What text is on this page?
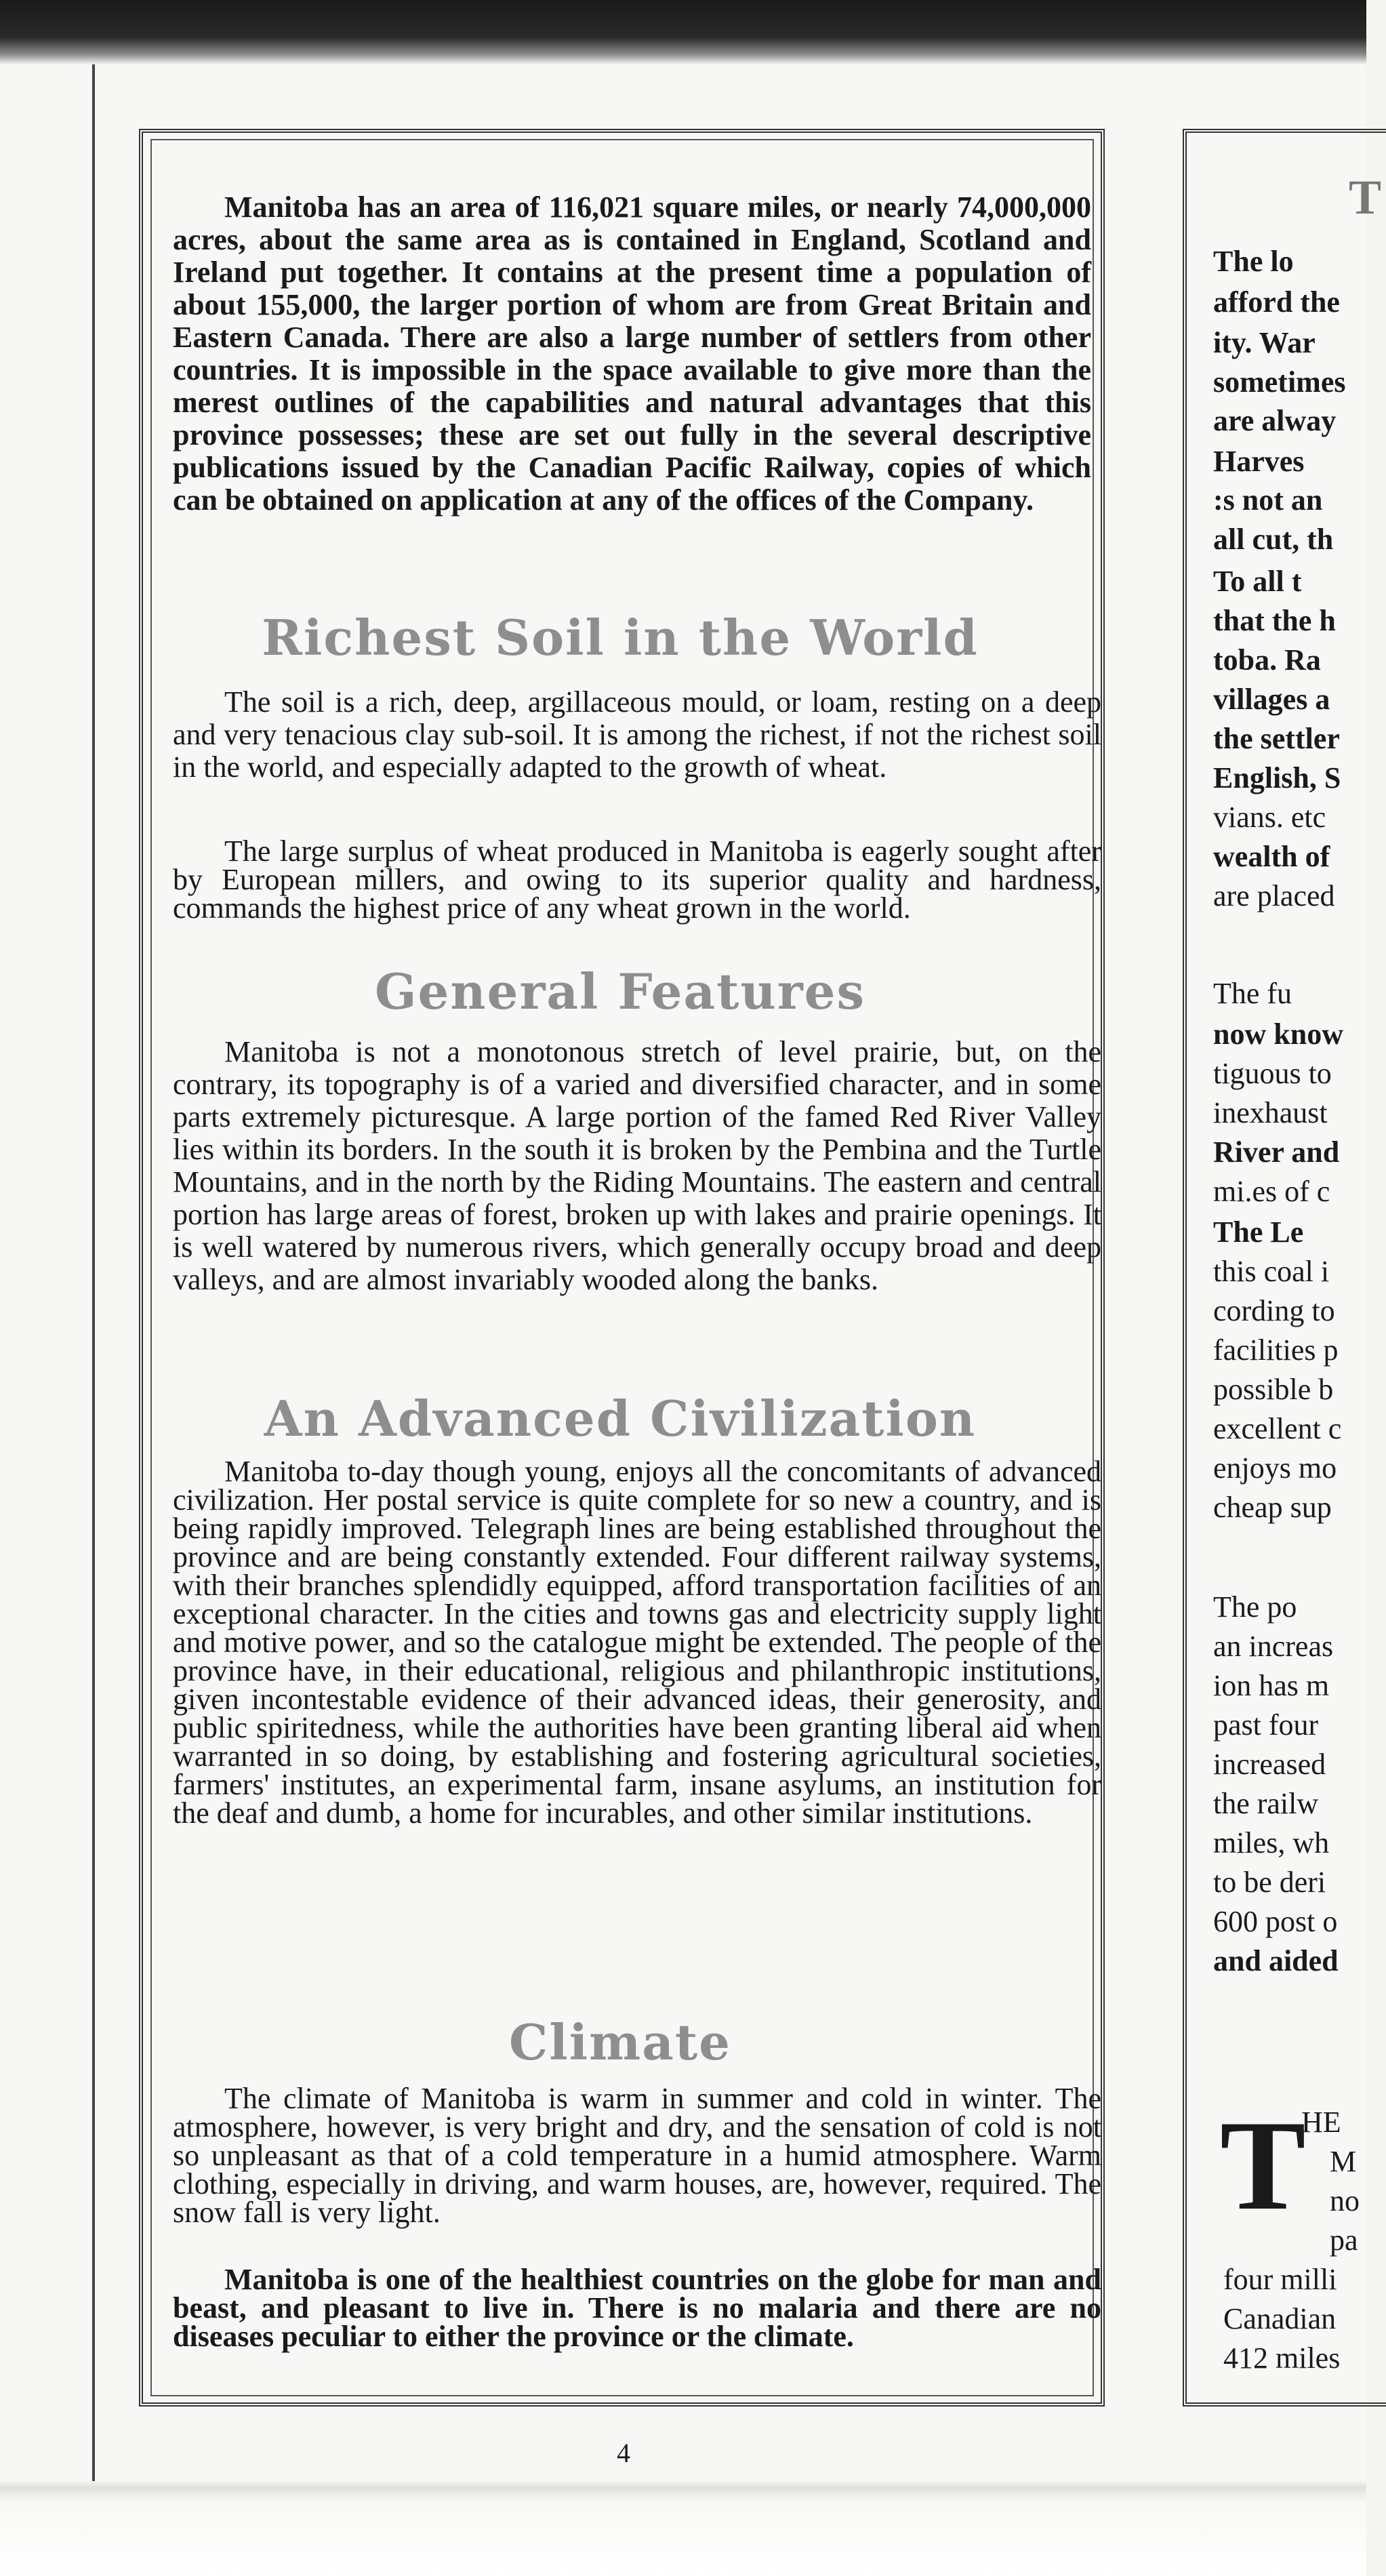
Manitoba has an area of 116,021 square miles, or nearly 74,000,000 acres, about the same area as is contained in England, Scotland and Ireland put together. It contains at the present time a population of about 155,000, the larger portion of whom are from Great Britain and Eastern Canada. There are also a large number of settlers from other countries. It is impossible in the space available to give more than the merest outlines of the capabilities and natural advantages that this province possesses; these are set out fully in the several descriptive publications issued by the Canadian Pacific Railway, copies of which can be obtained on application at any of the offices of the Company.

Richest Soil in the World

The soil is a rich, deep, argillaceous mould, or loam, resting on a deep and very tenacious clay sub-soil. It is among the richest, if not the richest soil in the world, and especially adapted to the growth of wheat.

The large surplus of wheat produced in Manitoba is eagerly sought after by European millers, and owing to its superior quality and hardness, commands the highest price of any wheat grown in the world.

General Features

Manitoba is not a monotonous stretch of level prairie, but, on the contrary, its topography is of a varied and diversified character, and in some parts extremely picturesque. A large portion of the famed Red River Valley lies within its borders. In the south it is broken by the Pembina and the Turtle Mountains, and in the north by the Riding Mountains. The eastern and central portion has large areas of forest, broken up with lakes and prairie openings. It is well watered by numerous rivers, which generally occupy broad and deep valleys, and are almost invariably wooded along the banks.

An Advanced Civilization

Manitoba to-day though young, enjoys all the concomitants of advanced civilization. Her postal service is quite complete for so new a country, and is being rapidly improved. Telegraph lines are being established throughout the province and are being constantly extended. Four different railway systems, with their branches splendidly equipped, afford transportation facilities of an exceptional character. In the cities and towns gas and electricity supply light and motive power, and so the catalogue might be extended. The people of the province have, in their educational, religious and philanthropic institutions, given incontestable evidence of their advanced ideas, their generosity, and public spiritedness, while the authorities have been granting liberal aid when warranted in so doing, by establishing and fostering agricultural societies, farmers' institutes, an experimental farm, insane asylums, an institution for the deaf and dumb, a home for incurables, and other similar institutions.

Climate

The climate of Manitoba is warm in summer and cold in winter. The atmosphere, however, is very bright and dry, and the sensation of cold is not so unpleasant as that of a cold temperature in a humid atmosphere. Warm clothing, especially in driving, and warm houses, are, however, required. The snow fall is very light.

Manitoba is one of the healthiest countries on the globe for man and beast, and pleasant to live in. There is no malaria and there are no diseases peculiar to either the province or the climate.

4

T

The lo

afford the

ity. War

sometimes

are alway

Harves

:s not an

all cut, th

To all t

that the h

toba. Ra

villages a

the settler

English, S

vians. etc

wealth of

are placed

The fu

now know

tiguous to

inexhaust

River and

mi.es of c

The Le

this coal i

cording to

facilities p

possible b

excellent c

enjoys mo

cheap sup

The po

an increas

ion has m

past four

increased

the railw

miles, wh

to be deri

600 post o

and aided

T

HE

M

no

pa

four milli

Canadian

412 miles
